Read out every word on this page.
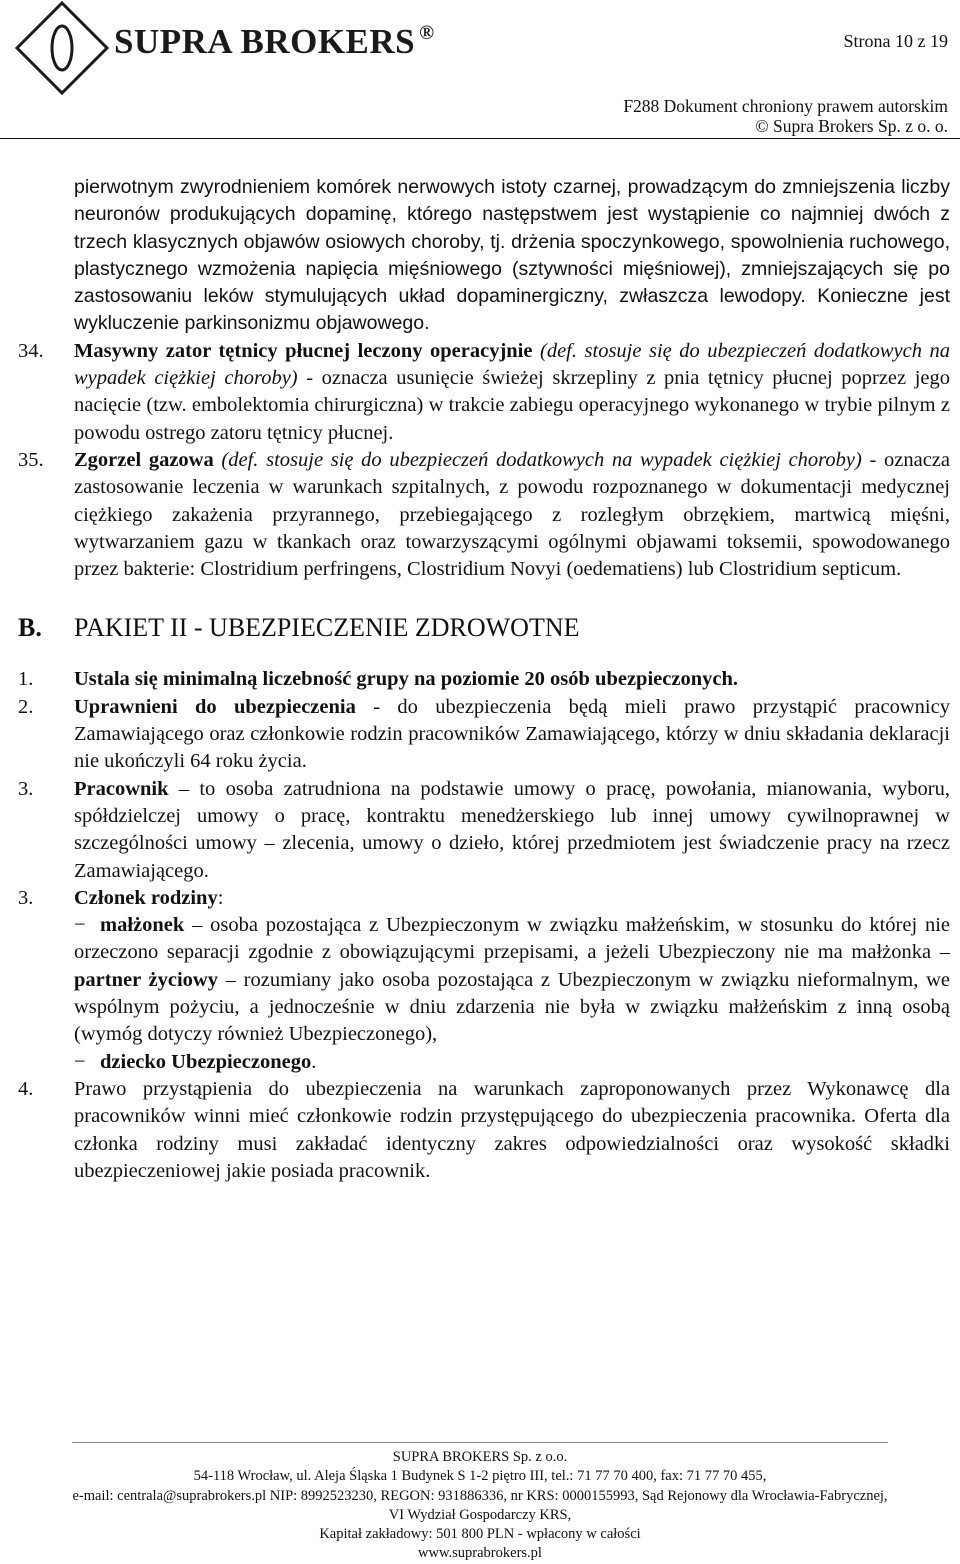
SUPRA BROKERS ®	Strona 10 z 19
F288 Dokument chroniony prawem autorskim
© Supra Brokers Sp. z o. o.
pierwotnym zwyrodnieniem komórek nerwowych istoty czarnej, prowadzącym do zmniejszenia liczby neuronów produkujących dopaminę, którego następstwem jest wystąpienie co najmniej dwóch z trzech klasycznych objawów osiowych choroby, tj. drżenia spoczynkowego, spowolnienia ruchowego, plastycznego wzmożenia napięcia mięśniowego (sztywności mięśniowej), zmniejszających się po zastosowaniu leków stymulujących układ dopaminergiczny, zwłaszcza lewodopy. Konieczne jest wykluczenie parkinsonizmu objawowego.
34.	Masywny zator tętnicy płucnej leczony operacyjnie (def. stosuje się do ubezpieczeń dodatkowych na wypadek ciężkiej choroby) - oznacza usunięcie świeżej skrzepliny z pnia tętnicy płucnej poprzez jego nacięcie (tzw. embolektomia chirurgiczna) w trakcie zabiegu operacyjnego wykonanego w trybie pilnym z powodu ostrego zatoru tętnicy płucnej.
35.	Zgorzel gazowa (def. stosuje się do ubezpieczeń dodatkowych na wypadek ciężkiej choroby) - oznacza zastosowanie leczenia w warunkach szpitalnych, z powodu rozpoznanego w dokumentacji medycznej ciężkiego zakażenia przyrannego, przebiegającego z rozległym obrzękiem, martwicą mięśni, wytwarzaniem gazu w tkankach oraz towarzyszącymi ogólnymi objawami toksemii, spowodowanego przez bakterie: Clostridium perfringens, Clostridium Novyi (oedematiens) lub Clostridium septicum.
B.	PAKIET II - UBEZPIECZENIE ZDROWOTNE
1.	Ustala się minimalną liczebność grupy na poziomie 20 osób ubezpieczonych.
2.	Uprawnieni do ubezpieczenia - do ubezpieczenia będą mieli prawo przystąpić pracownicy Zamawiającego oraz członkowie rodzin pracowników Zamawiającego, którzy w dniu składania deklaracji nie ukończyli 64 roku życia.
3.	Pracownik – to osoba zatrudniona na podstawie umowy o pracę, powołania, mianowania, wyboru, spółdzielczej umowy o pracę, kontraktu menedżerskiego lub innej umowy cywilnoprawnej w szczególności umowy – zlecenia, umowy o dzieło, której przedmiotem jest świadczenie pracy na rzecz Zamawiającego.
3.	Członek rodziny:
− małżonek – osoba pozostająca z Ubezpieczonym w związku małżeńskim, w stosunku do której nie orzeczono separacji zgodnie z obowiązującymi przepisami, a jeżeli Ubezpieczony nie ma małżonka – partner życiowy – rozumiany jako osoba pozostająca z Ubezpieczonym w związku nieformalnym, we wspólnym pożyciu, a jednocześnie w dniu zdarzenia nie była w związku małżeńskim z inną osobą (wymóg dotyczy również Ubezpieczonego),
− dziecko Ubezpieczonego.
4.	Prawo przystąpienia do ubezpieczenia na warunkach zaproponowanych przez Wykonawcę dla pracowników winni mieć członkowie rodzin przystępującego do ubezpieczenia pracownika. Oferta dla członka rodziny musi zakładać identyczny zakres odpowiedzialności oraz wysokość składki ubezpieczeniowej jakie posiada pracownik.
SUPRA BROKERS Sp. z o.o.
54-118 Wrocław, ul. Aleja Śląska 1 Budynek S 1-2 piętro III, tel.: 71 77 70 400, fax: 71 77 70 455,
e-mail: centrala@suprabrokers.pl NIP: 8992523230, REGON: 931886336, nr KRS: 0000155993, Sąd Rejonowy dla Wrocławia-Fabrycznej,
VI Wydział Gospodarczy KRS,
Kapitał zakładowy: 501 800 PLN - wpłacony w całości
www.suprabrokers.pl
